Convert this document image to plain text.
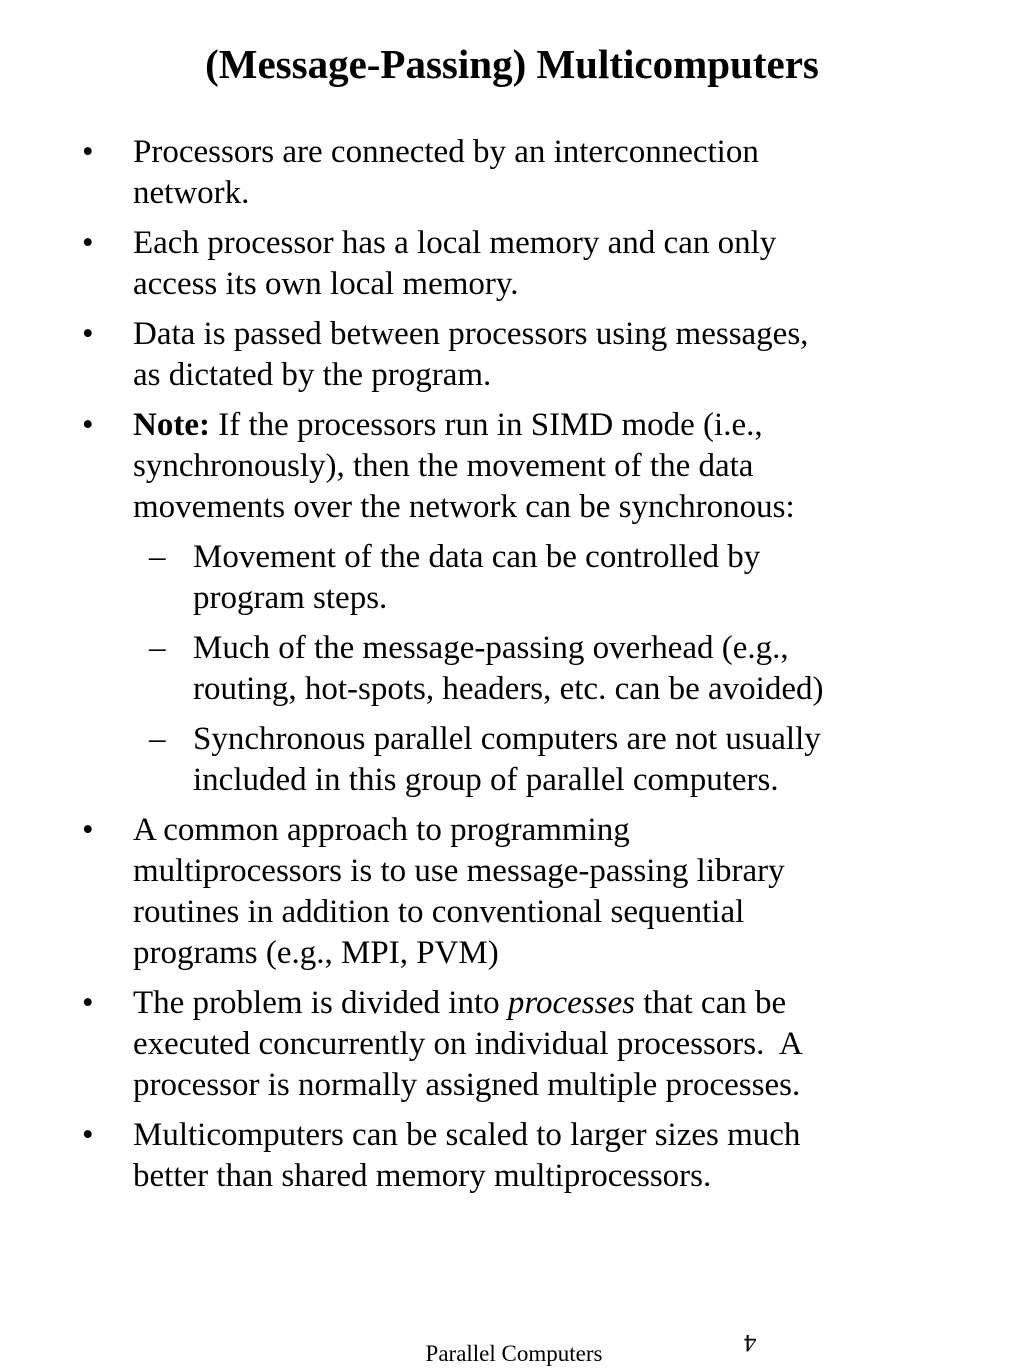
(Message-Passing) Multicomputers
• Processors are connected by an interconnection
network.
• Each processor has a local memory and can only
access its own local memory.
• Data is passed between processors using messages,
as dictated by the program.
• Note: If the processors run in SIMD mode (i.e.,
synchronously), then the movement of the data
movements over the network can be synchronous:
– Movement of the data can be controlled by
program steps.
– Much of the message-passing overhead (e.g.,
routing, hot-spots, headers, etc. can be avoided)
– Synchronous parallel computers are not usually
included in this group of parallel computers.
• A common approach to programming
multiprocessors is to use message-passing library
routines in addition to conventional sequential
programs (e.g., MPI, PVM)
• The problem is divided into processes that can be
executed concurrently on individual processors.  A
processor is normally assigned multiple processes.
• Multicomputers can be scaled to larger sizes much
better than shared memory multiprocessors.
Parallel Computers	4
